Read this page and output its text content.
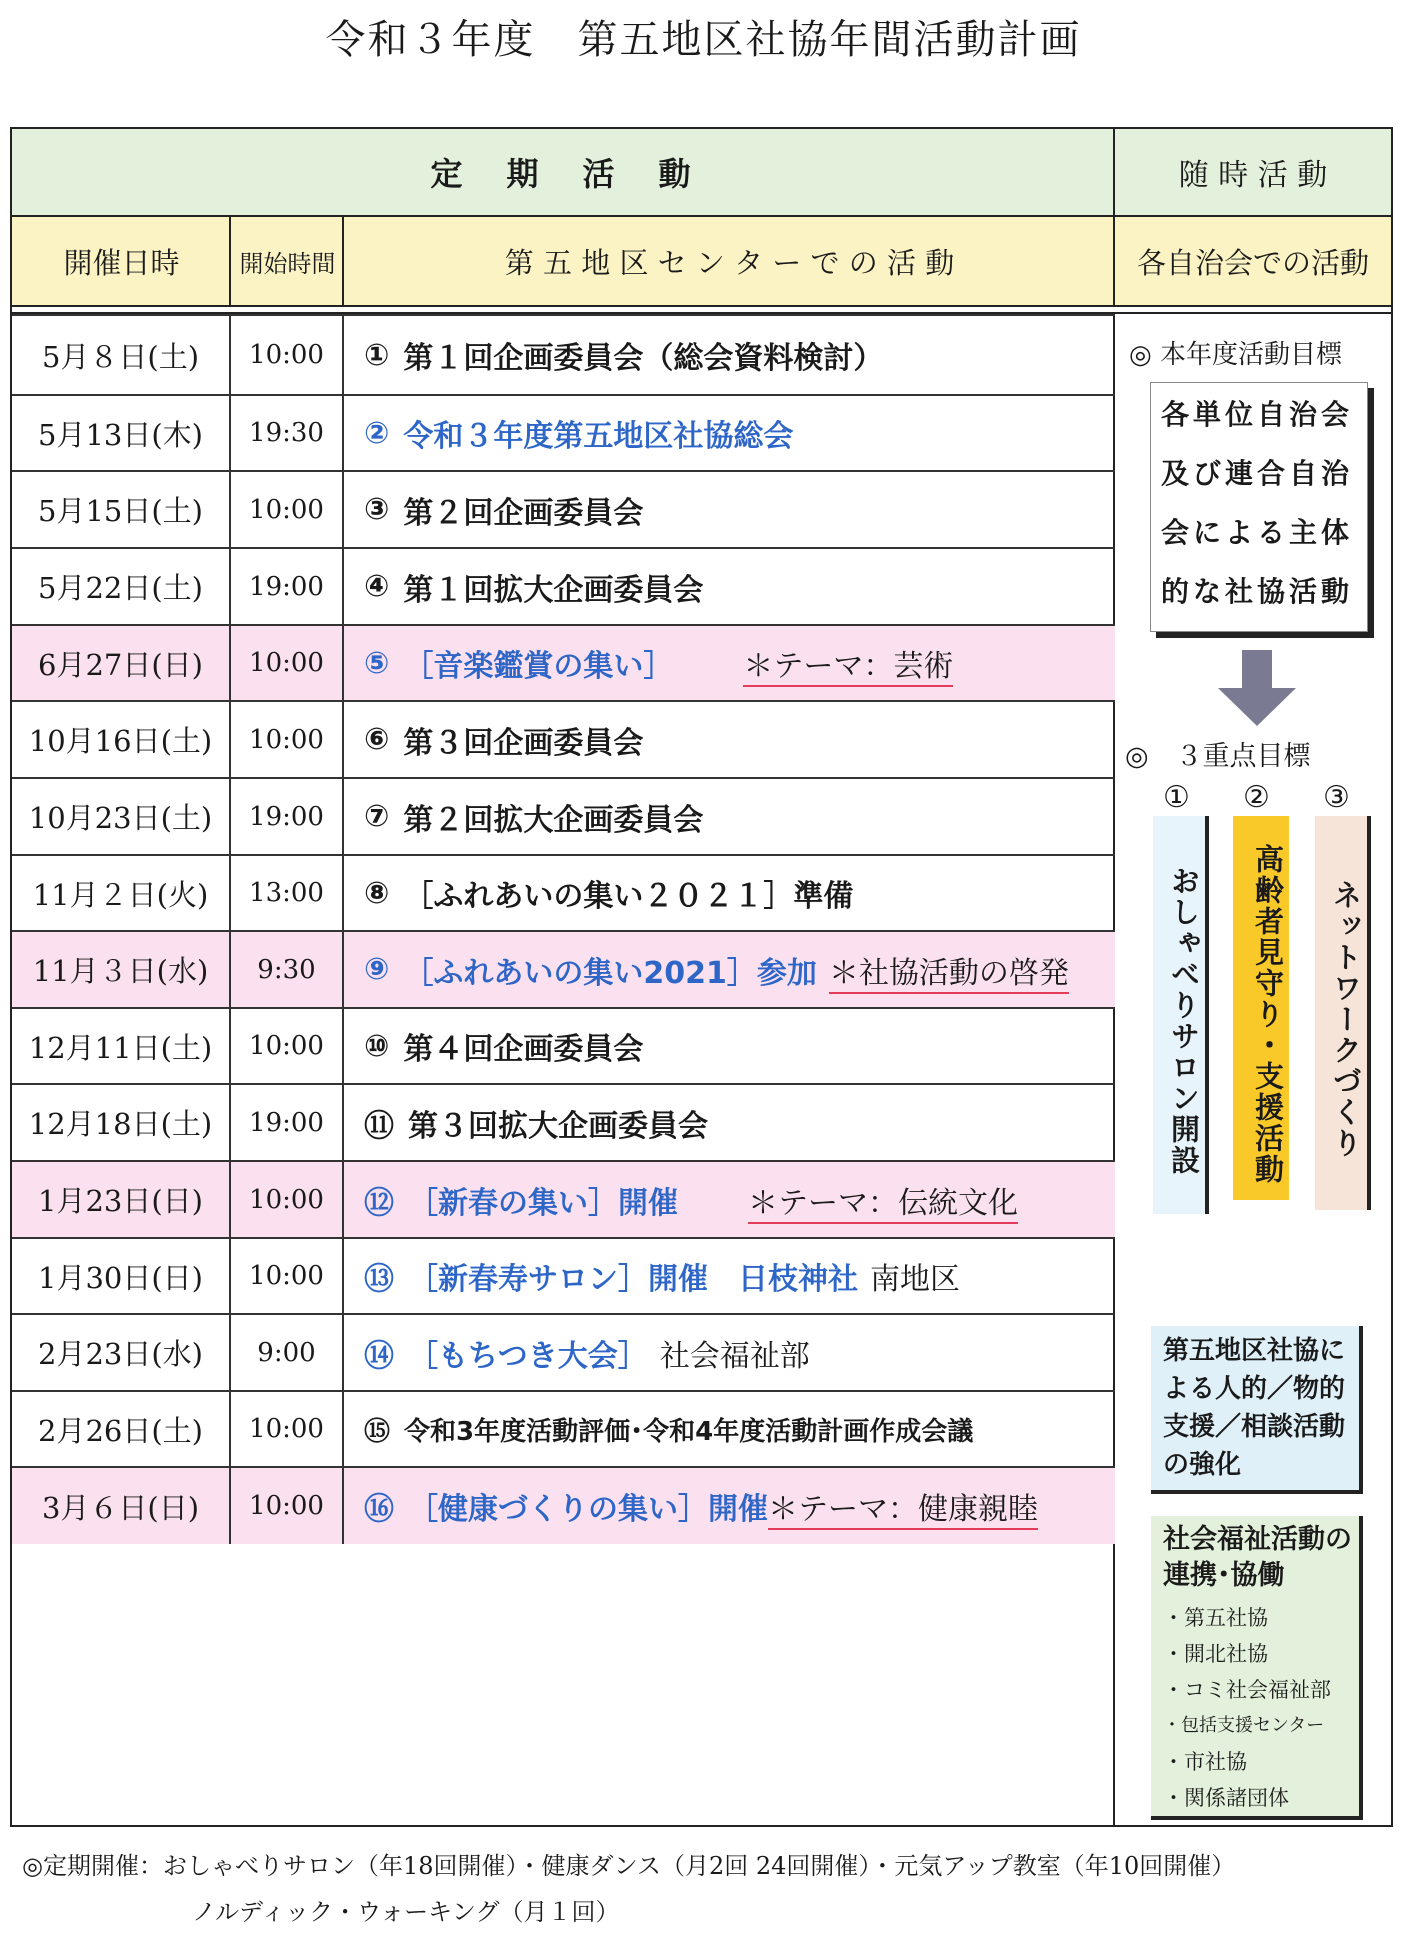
令和３年度　第五地区社協年間活動計画
定　期　活　動	随 時 活 動
開催日時	開始時間	第 五 地 区 セ ン タ ー で の 活 動	各自治会での活動
5月８日(土)	10:00	① 第１回企画委員会（総会資料検討）
5月13日(木)	19:30	② 令和３年度第五地区社協総会
5月15日(土)	10:00	③ 第２回企画委員会
5月22日(土)	19:00	④ 第１回拡大企画委員会
6月27日(日)	10:00	⑤ ［音楽鑑賞の集い］ ＊テーマ：芸術
10月16日(土)	10:00	⑥ 第３回企画委員会
10月23日(土)	19:00	⑦ 第２回拡大企画委員会
11月２日(火)	13:00	⑧ ［ふれあいの集い２０２１］準備
11月３日(水)	9:30	⑨ ［ふれあいの集い2021］参加 ＊社協活動の啓発
12月11日(土)	10:00	⑩ 第４回企画委員会
12月18日(土)	19:00	⑪ 第３回拡大企画委員会
1月23日(日)	10:00	⑫ ［新春の集い］開催 ＊テーマ：伝統文化
1月30日(日)	10:00	⑬ ［新春寿サロン］開催　日枝神社 南地区
2月23日(水)	9:00	⑭ ［もちつき大会］ 社会福祉部
2月26日(土)	10:00	⑮ 令和3年度活動評価･令和4年度活動計画作成会議
3月６日(日)	10:00	⑯ ［健康づくりの集い］開催 ＊テーマ：健康親睦
◎ 本年度活動目標
各単位自治会
及び連合自治
会による主体
的な社協活動
◎　３重点目標
① ② ③
おしゃべりサロン開設	高齢者見守り・支援活動	ネットワークづくり
第五地区社協による人的／物的支援／相談活動の強化
社会福祉活動の連携･協働
・ 第五社協
・ 開北社協
・ コミ社会福祉部
・ 包括支援センター
・ 市社協
・ 関係諸団体
◎定期開催：おしゃべりサロン（年18回開催）・健康ダンス（月2回 24回開催）・元気アップ教室（年10回開催）
ノルディック・ウォーキング（月１回）
